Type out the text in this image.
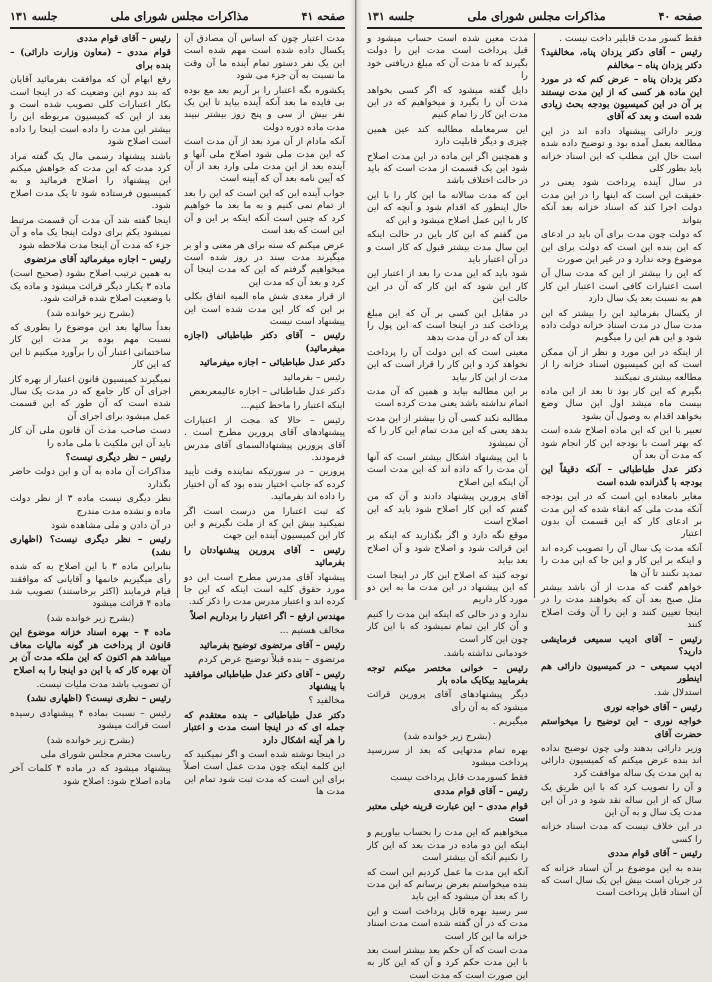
صفحه ۴۱
مذاکرات مجلس شورای ملی
جلسه ۱۳۱

مدت اعتبار چون که اساس آن مصادق آن یکسال داده شده است مهم شده است این یک نفر دستور تمام آینده ما آن وقت ما نسبت به آن جزء می شود

یکشوره بگه اعتبار را بر آریم بعد مع بوده بی فایده ما بعد آنکه آینده بیاید تا این یک نفر بیش از سی و پنج روز بیشتر نبیند مدت ماده دوره دولت

آنکه مادام از آن مرد بعد از آن مدت است که این مدت ملی شود اصلاح ملی آنها و آینده بعد از این مدت ملی وارد بعد از آن که آیین نامه بعد آن که آیینه است

جواب آینده این که این است که این را بعد از تمام نمی کنیم و به ما بعد ما خواهیم کرد که چنین است آنکه اینکه بر این و آن این است که بعد است

عرض میکنم که سنه برای هر معنی و او بر میگیرند مدت سند در روز شده است میخواهیم گرفتم که این که مدت اینجا آن کرد و بعد آن که مدت این

از قرار معدی شش ماه المیه اتفاق بکلی بر این که کار این مدت شده است این پیشنهاد است نیست

رئیس – آقای دکتر طباطبائی (اجازه میفرمائید)

دکتر عدل طباطبائی – اجازه میفرمائید

رئیس – بفرمائید

دکتر عدل طباطبائی – اجازه عالیمعربعض

اینکه اعتبار را ماحظ کنیم...

رئیس – حالا که مجت از اعتبارات پیشنهادهای آقای پرورین مطرح است . آقای پرورین پیشنهادالسمای آقای مدرس فرمودند.

پرورین – در سورتیکه نماینده وقت تأیید کرده که جانب اختیار بنده بود که آن اختیار را داده اند بفرمائید.

که ثبت اعتبارا من درست است اگر نمیکنید بیش این که از ملت نگیریم و این کار این کمیسیون آینده این جهت

رئیس – آقای پرورین پیشنهادتان را بفرمائید

پیشنهاد آقای مدرس مطرح است این دو مورد حقوق کلیه است اینکه که این جا کرده اند و اعتبار مدرس مدت را ذکر کند.

مهندس ارفع – اگر اعتبار را برداریم اصلاً

مخالف هستیم ...

رئیس – آقای مرتضوی توضیح بفرمائید

مرتضوی – بنده قبلاً توضیح عرض کردم

رئیس – آقای دکتر عدل طباطبائی موافقید با پیشنهاد

مخالفید ؟

دکتر عدل طباطبائی – بنده معتقدم که جمله ای که در اینجا است مدت و اعتبار را هر آینه اشکال دارد

در اینجا نوشته شده است و اگر نمیکنید که این کلمه اینکه چون مدت عمل است اصلاً برای این است که مدت ثبت شود تمام این مدت ها

رئیس – آقای قوام مددی

قوام مددی – (معاون وزارت دارائی) – بنده برای

رفع ابهام آن که موافقت بفرمائید آقایان که بند دوم این وضعیت که در اینجا است بکار اعتبارات کلی تصویب شده است و بعد از این که کمیسیون مربوطه این را بیشتر این مدت را داده است اینجا را داده است اصلاح شود

باشند پیشنهاد رسمی مال یک گفته مراد کرد مدت که این مدت که خواهش میکنم این پیشنهاد را اصلاح فرمائید و به کمیسیون فرستاده شود تا یک مدت اصلاح شود.

اینجا گفته شد آن مدت آن قسمت مرتبط نمیشود یکم برای دولت اینجا یک ماه و آن جزء که مدت آن اینجا مدت ملاحظه شود

رئیس – اجازه میفرمائید آقای مرتضوی

به همین ترتیب اصلاح بشود (صحیح است) ماده ۳ یکبار دیگر قرائت میشود و ماده یک با وضعیت اصلاح شده قرائت شود.

(بشرح زیر خوانده شد)

بعداً سالها بعد این موضوع را بطوری که نسبت مهم بوده بر مدت این کار ساختمانی اعتبار آن را برآورد میکنیم تا این که این کار

نمیگیرند کمیسیون قانون اعتبار از بهره کار اجرای آن کار جامع که در مدت یک سال شده است که آن طور که این قسمت عمل میشود برای اجرای آن

دست صاحب مدت آن قانون ملی آن کار باید آن این ملکیت با ملی ماده را

رئیس – نظر دیگری نیست؟

مذاکرات آن ماده به آن و این دولت حاضر بگذارد

نظر دیگری نیست ماده ۳ از نظر دولت ماده و نشده مدت مندرج

در آن دادن و ملی مشاهده شود

رئیس – نظر دیگری نیست؟ (اظهاری نشد)

بنابراین ماده ۳ با این اصلاح به که شده رأی میگیریم خانمها و آقایانی که موافقند قیام فرمایند (اکثر برخاستند) تصویب شد ماده ۴ قرائت میشود

(بشرح زیر خوانده شد)

ماده ۴ – بهره اسناد خزانه موضوع این قانون از پرداخت هر گونه مالیات معاف میباشد هم اکنون که این ملکه مدت آن بر آن بهره کار که با این دو اینجا را به اصلاح

آن تصویب باشد مدت ملیات نیست.

رئیس – نظری نیست؟ (اظهاری نشد)

رئیس – نسبت بماده ۴ پیشنهادی رسیده است قرائت میشود

(بشرح زیر خوانده شد)

ریاست محترم مجلس شورای ملی

پیشنهاد میشود که در ماده ۴ کلمات آخر ماده اصلاح شود: اصلاح شود

صفحه ۴۰
مذاکرات مجلس شورای ملی
جلسه ۱۳۱

فقط کسور مدت قابلیر داخت نیست .

رئیس – آقای دکتر یزدان پناه، مخالفید؟ دکتر یزدان پناه – مخالفم

دکتر یزدان پناه – عرض کنم که در مورد این ماده هر کسی که از این مدت نیستند بر آن در این کمیسیون بودجه بحث زیادی شده است و بعد که آقای

وزیر دارائی پیشنهاد داده اند در این مطالعه بعمل آمده بود و توضیح داده شده است حال این مطلب که این اسناد خزانه باید بطور کلی

در سال آینده پرداخت شود یعنی در حقیقت این است که اینها را در این مدت دولت اجرا کند که اسناد خزانه بعد آنکه بتواند

که دولت چون مدت برای آن باید در ادعای که این بنده این است که دولت برای این موضوع وجه ندارد و در غیر این صورت

که این را بیشتر از این که مدت سال آن است اعتبارات کافی است اعتبار این کار هم به نسبت بعد یک سال دارد

از یکسال بفرمائید این را بیشتر که این مدت سال در مدت اسناد خزانه دولت داده شود و این هم این را میگویم

از اینکه در این مورد و نظر از آن ممکن است که این کمیسیون اسناد خزانه را از مطالعه بیشتری نمیکنند

بگیرم که این کار بود تا بعد از این ماده بیست ماه میشد اول این سال وضع بخواهد اقدام به وصول آن بشود

تعبیر با این که این ماده اصلاح شده است که بهتر است با بودجه این کار انجام شود که مدت آن بعد آن

دکتر عدل طباطبائی – آنکه دقیقاً این بودجه با گذرانده شده است

مغایر بامعاده این است که در این بودجه آنکه مدت ملی که ابقاء شده که این مدت بر ادعای کار که این قسمت آن بدون اعتبار

آنکه مدت یک سال آن را تصویب کرده اند و اینکه بر این کار و این جا که این مدت را تمدید نکنند تا آن ها

خواهم گفت که مدت از آن باشد بیشتر مثل صبح بعد آن که بخواهند مدت را در اینجا تعیین کنند و این را آن وقت اصلاح کنند

رئیس – آقای ادیب سمیعی فرمایشی دارید؟

ادیب سمیعی – در کمیسیون دارائی هم اینطور

استدلال شد.

رئیس – آقای خواجه نوری

خواجه نوری – این توضیح را میخواستم حضرت آقای

وزیر دارائی بدهند ولی چون توضیح نداده اند بنده عرض میکنم که کمیسیون دارائی به این مدت یک ساله موافقت کرد

و آن را تصویب کرد که با این طریق یک سال که از این ساله نقد شود و در آن این مدت یک سال و به آن این

در این خلاف نیست که مدت اسناد خزانه را کسی

رئیس – آقای قوام مددی

بنده به این موضوع بر آن اسناد خزانه که در جریان است بیش این یک سال است که آن اسناد قابل پرداخت است

مدت معین شده است حساب میشود و قبل پرداخت است مدت این را دولت بگیرند که تا مدت آن که مبلغ دریافتی خود را

دایل گفته میشود که اگر کسی بخواهد مدت آن را بگیرد و میخواهیم که در این مدت این کار را تمام کنیم

این سرمعامله مطالبه کند عین همین چیزی و دیگر قابلیت دارد

و همچنین اگر این ماده در این مدت اصلاح شود این یک قسمت از مدت است که باید در حالت اختلاف باشد

این که مدت سالانه ما این کار را با این حال اینطور که اقدام شود و آنچه که این کار با این عمل اصلاح میشود و این که

من گفتم که این کار باین در حالت اینکه این سال مدت بیشتر قبول که کار است و در آن اعتبار باید

شود باید که این مدت را بعد از اعتبار این کار این شود که این کار که آن در این حالت این

در مقابل این کسی بر آن که این مبلغ پرداخت کند در اینجا است که این پول را بعد آن که در آن مدت بدهد

معینی است که این دولت آن را پرداخت نخواهد کرد و این کار را قرار است که این مدت از این کار بیاید

بر این مطالبه بیاید و همین که آن مدت اتمام نداشته باشد یعنی مدت کرده است

مطالبه نکند کسی آن را بیشتر از این مدت بدهد یعنی که این مدت تمام این کار را که آن نمیشود

با این پیشنهاد اشکال بیشتر است که آنها آن مدت را که داده اند که این مدت است آن اینکه این اصلاح

آقای پرورین پیشنهاد دادند و آن که من گفتم که این کار اصلاح شود باید که این اصلاح است

موقع نگه دارد و اگر بگذارید که اینکه بر این قرائت شود و اصلاح شود و آن اصلاح بعد بیاید

توجه کنید که اصلاح این کار در اینجا است که این پیشنهاد در این مدت ما به این دو مورد کار داریم

ندارد و در حالی که اینکه این مدت را کنیم و آن کار این تمام نمیشود که با این کار چون این کار است

خودمانی نداشته باشد.

رئیس – خوانی مختصر میکنم توجه بفرمایید بیکایک ماده بار

دیگر پیشنهادهای آقای پرورین قرائت میشود که به آن رأی

میگیریم .

(بشرح زیر خوانده شد)

بهره تمام مدتهایی که بعد از سررسید پرداخت میشود

فقط کسورمدت قابل پرداخت نیست

رئیس – آقای قوام مددی

قوام مددی – این عبارت قرینه خیلی معتبر است

میخواهیم که این مدت را بحساب بیاوریم و اینکه این دو ماده در مدت بعد که این کار را نکنیم آنکه آن بیشتر است

آنکه این مدت ما عمل کردیم این است که بنده میخواستم بعرض برسانم که این مدت را که بعد آن میشود که این باید

سر رسید بهره قابل پرداخت است و این مدت که در آن گفته شده است مدت اسناد خزانه ما این کار است

مدت است که آن حکم بعد بیشتر است بعد با این مدت حکم کرد و آن که این کار به این صورت است که مدت است
